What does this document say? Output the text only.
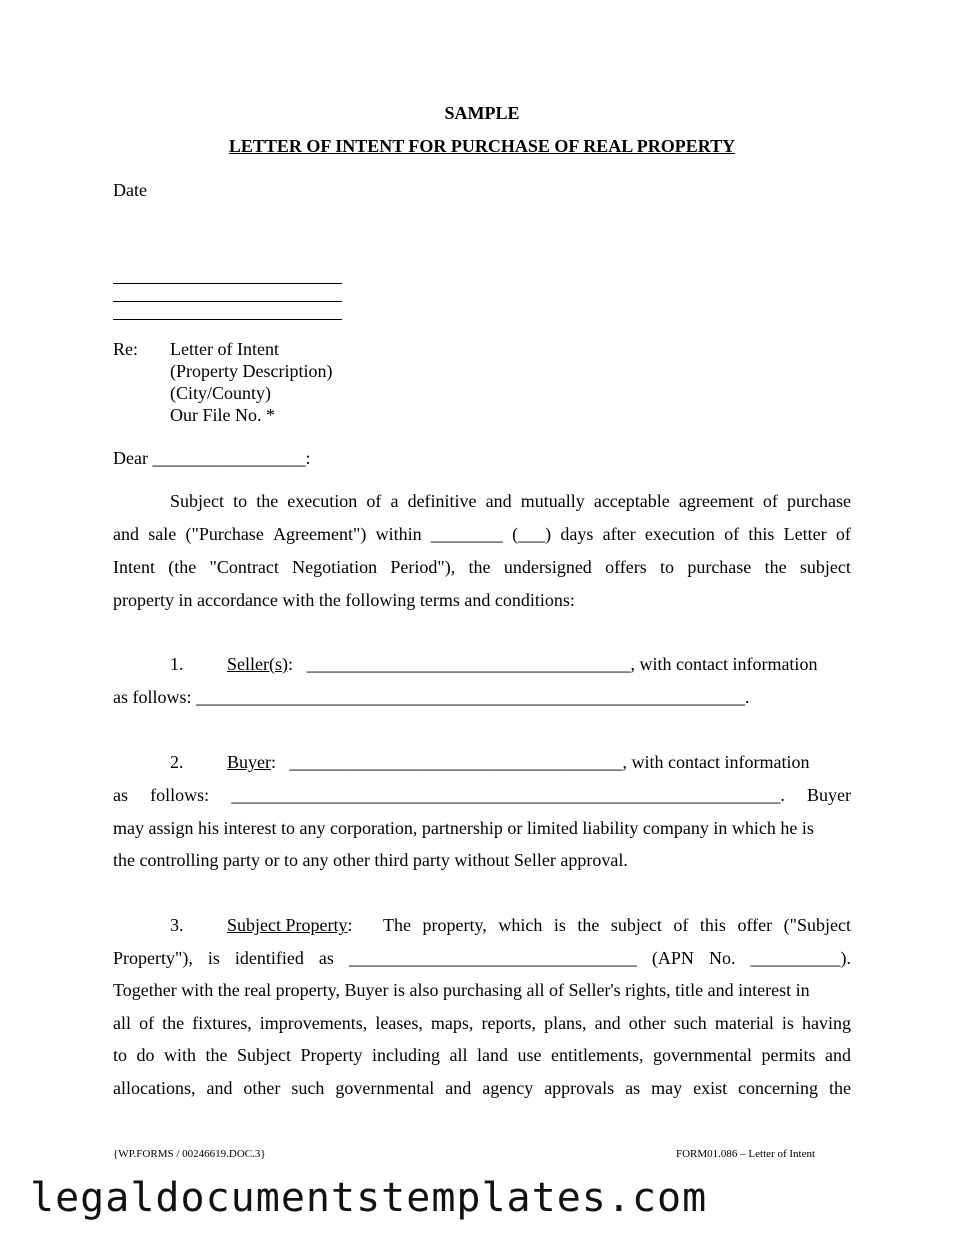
SAMPLE
LETTER OF INTENT FOR PURCHASE OF REAL PROPERTY
Date
Re: Letter of Intent
(Property Description)
(City/County)
Our File No. *
Dear _________________:
Subject to the execution of a definitive and mutually acceptable agreement of purchase
and sale ("Purchase Agreement") within ________ (___) days after execution of this Letter of
Intent (the "Contract Negotiation Period"), the undersigned offers to purchase the subject
property in accordance with the following terms and conditions:
1. Seller(s):   ____________________________________, with contact information
as follows: _____________________________________________________________.
2. Buyer:   _____________________________________, with contact information
as follows: _____________________________________________________________. Buyer
may assign his interest to any corporation, partnership or limited liability company in which he is
the controlling party or to any other third party without Seller approval.
3. Subject Property: The property, which is the subject of this offer ("Subject
Property"), is identified as ________________________________ (APN No. __________).
Together with the real property, Buyer is also purchasing all of Seller's rights, title and interest in
all of the fixtures, improvements, leases, maps, reports, plans, and other such material is having
to do with the Subject Property including all land use entitlements, governmental permits and
allocations, and other such governmental and agency approvals as may exist concerning the
{WP.FORMS / 00246619.DOC.3}	FORM01.086 – Letter of Intent
legaldocumentstemplates.com
